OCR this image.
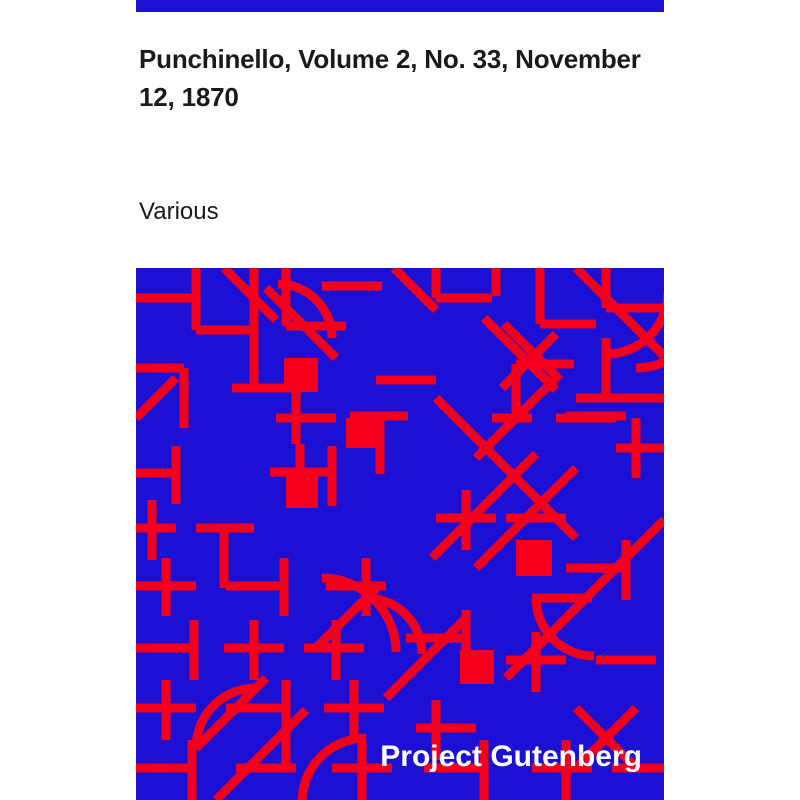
Punchinello, Volume 2, No. 33, November 12, 1870
Various
Project Gutenberg
